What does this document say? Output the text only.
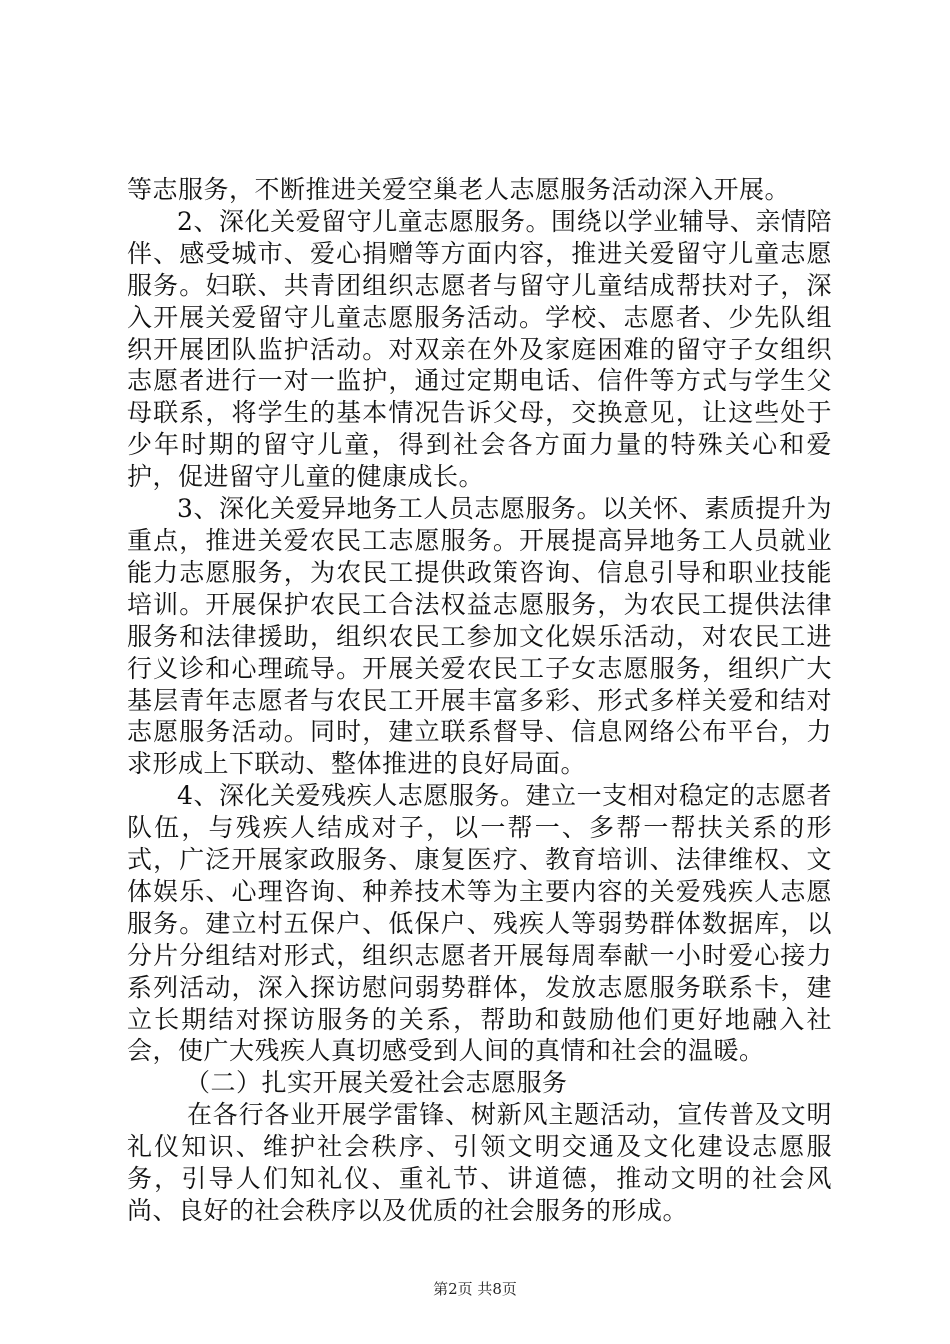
等志服务，不断推进关爱空巢老人志愿服务活动深入开展。

2、深化关爱留守儿童志愿服务。围绕以学业辅导、亲情陪伴、感受城市、爱心捐赠等方面内容，推进关爱留守儿童志愿服务。妇联、共青团组织志愿者与留守儿童结成帮扶对子，深入开展关爱留守儿童志愿服务活动。学校、志愿者、少先队组织开展团队监护活动。对双亲在外及家庭困难的留守子女组织志愿者进行一对一监护，通过定期电话、信件等方式与学生父母联系，将学生的基本情况告诉父母，交换意见，让这些处于少年时期的留守儿童，得到社会各方面力量的特殊关心和爱护，促进留守儿童的健康成长。

3、深化关爱异地务工人员志愿服务。以关怀、素质提升为重点，推进关爱农民工志愿服务。开展提高异地务工人员就业能力志愿服务，为农民工提供政策咨询、信息引导和职业技能培训。开展保护农民工合法权益志愿服务，为农民工提供法律服务和法律援助，组织农民工参加文化娱乐活动，对农民工进行义诊和心理疏导。开展关爱农民工子女志愿服务，组织广大基层青年志愿者与农民工开展丰富多彩、形式多样关爱和结对志愿服务活动。同时，建立联系督导、信息网络公布平台，力求形成上下联动、整体推进的良好局面。

4、深化关爱残疾人志愿服务。建立一支相对稳定的志愿者队伍，与残疾人结成对子，以一帮一、多帮一帮扶关系的形式，广泛开展家政服务、康复医疗、教育培训、法律维权、文体娱乐、心理咨询、种养技术等为主要内容的关爱残疾人志愿服务。建立村五保户、低保户、残疾人等弱势群体数据库，以分片分组结对形式，组织志愿者开展每周奉献一小时爱心接力系列活动，深入探访慰问弱势群体，发放志愿服务联系卡，建立长期结对探访服务的关系，帮助和鼓励他们更好地融入社会，使广大残疾人真切感受到人间的真情和社会的温暖。

（二）扎实开展关爱社会志愿服务

在各行各业开展学雷锋、树新风主题活动，宣传普及文明礼仪知识、维护社会秩序、引领文明交通及文化建设志愿服务，引导人们知礼仪、重礼节、讲道德，推动文明的社会风尚、良好的社会秩序以及优质的社会服务的形成。

第2页 共8页
